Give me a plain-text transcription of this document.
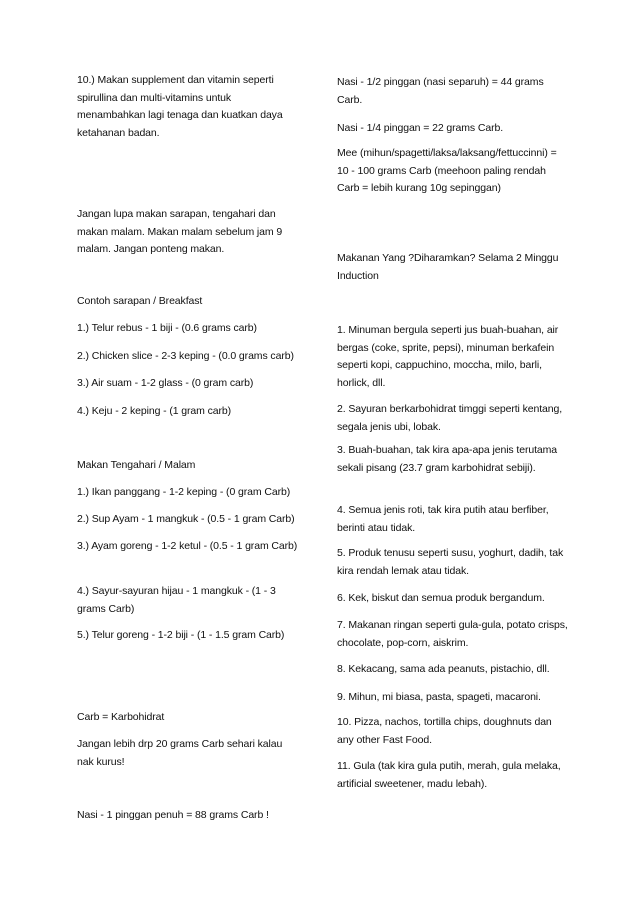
10.) Makan supplement dan vitamin seperti spirullina dan multi-vitamins untuk menambahkan lagi tenaga dan kuatkan daya ketahanan badan.

Jangan lupa makan sarapan, tengahari dan makan malam. Makan malam sebelum jam 9 malam. Jangan ponteng makan.

Contoh sarapan / Breakfast

1.) Telur rebus - 1 biji - (0.6 grams carb)

2.) Chicken slice - 2-3 keping - (0.0 grams carb)

3.) Air suam - 1-2 glass - (0 gram carb)

4.) Keju - 2 keping - (1 gram carb)

Makan Tengahari / Malam

1.) Ikan panggang - 1-2 keping - (0 gram Carb)

2.) Sup Ayam - 1 mangkuk - (0.5 - 1 gram Carb)

3.) Ayam goreng - 1-2 ketul - (0.5 - 1 gram Carb)

4.) Sayur-sayuran hijau - 1 mangkuk - (1 - 3 grams Carb)

5.) Telur goreng - 1-2 biji - (1 - 1.5 gram Carb)

Carb = Karbohidrat

Jangan lebih drp 20 grams Carb sehari kalau nak kurus!

Nasi - 1 pinggan penuh = 88 grams Carb !

Nasi - 1/2 pinggan (nasi separuh) = 44 grams Carb.

Nasi - 1/4 pinggan = 22 grams Carb.

Mee (mihun/spagetti/laksa/laksang/fettuccinni) = 10 - 100 grams Carb (meehoon paling rendah Carb = lebih kurang 10g sepinggan)

Makanan Yang ?Diharamkan? Selama 2 Minggu Induction

1. Minuman bergula seperti jus buah-buahan, air bergas (coke, sprite, pepsi), minuman berkafein seperti kopi, cappuchino, moccha, milo, barli, horlick, dll.

2. Sayuran berkarbohidrat timggi seperti kentang, segala jenis ubi, lobak.

3. Buah-buahan, tak kira apa-apa jenis terutama sekali pisang (23.7 gram karbohidrat sebiji).

4. Semua jenis roti, tak kira putih atau berfiber, berinti atau tidak.

5. Produk tenusu seperti susu, yoghurt, dadih, tak kira rendah lemak atau tidak.

6. Kek, biskut dan semua produk bergandum.

7. Makanan ringan seperti gula-gula, potato crisps, chocolate, pop-corn, aiskrim.

8. Kekacang, sama ada peanuts, pistachio, dll.

9. Mihun, mi biasa, pasta, spageti, macaroni.

10. Pizza, nachos, tortilla chips, doughnuts dan any other Fast Food.

11. Gula (tak kira gula putih, merah, gula melaka, artificial sweetener, madu lebah).
